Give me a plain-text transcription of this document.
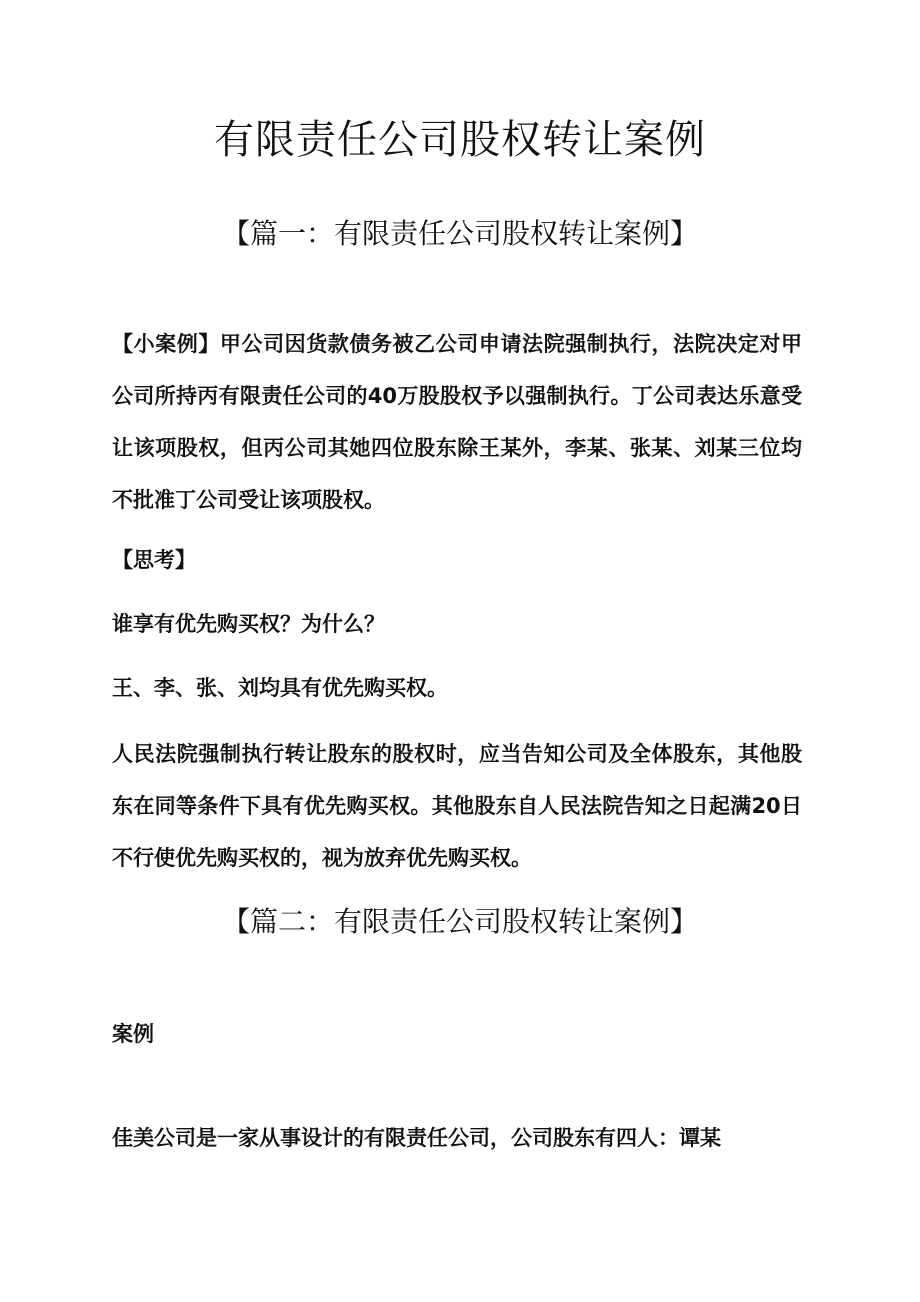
有限责任公司股权转让案例
【篇一：有限责任公司股权转让案例】

【小案例】甲公司因货款债务被乙公司申请法院强制执行，法院决定对甲公司所持丙有限责任公司的40万股股权予以强制执行。丁公司表达乐意受让该项股权，但丙公司其她四位股东除王某外，李某、张某、刘某三位均不批准丁公司受让该项股权。

【思考】

谁享有优先购买权？为什么？

王、李、张、刘均具有优先购买权。

人民法院强制执行转让股东的股权时，应当告知公司及全体股东，其他股东在同等条件下具有优先购买权。其他股东自人民法院告知之日起满20日不行使优先购买权的，视为放弃优先购买权。

【篇二：有限责任公司股权转让案例】

案例

佳美公司是一家从事设计的有限责任公司，公司股东有四人：谭某
